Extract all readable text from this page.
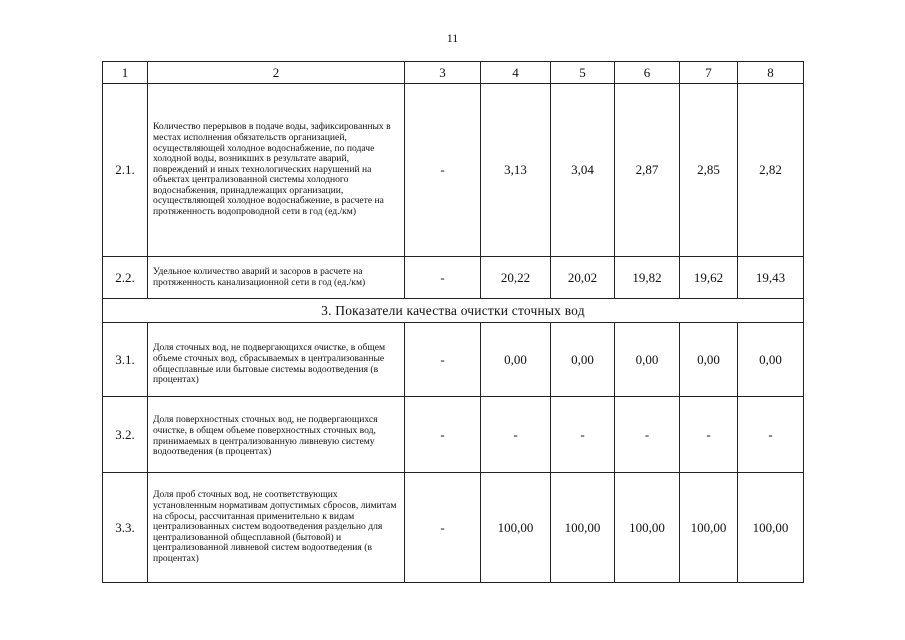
11
1	2	3	4	5	6	7	8
2.1.	Количество перерывов в подаче воды, зафиксированных в местах исполнения обязательств организацией, осуществляющей холодное водоснабжение, по подаче холодной воды, возникших в результате аварий, повреждений и иных технологических нарушений на объектах централизованной системы холодного водоснабжения, принадлежащих организации, осуществляющей холодное водоснабжение, в расчете на протяженность водопроводной сети в год (ед./км)	-	3,13	3,04	2,87	2,85	2,82
2.2.	Удельное количество аварий и засоров в расчете на протяженность канализационной сети в год (ед./км)	-	20,22	20,02	19,82	19,62	19,43
3. Показатели качества очистки сточных вод							
3.1.	Доля сточных вод, не подвергающихся очистке, в общем объеме сточных вод, сбрасываемых в централизованные общесплавные или бытовые системы водоотведения (в процентах)	-	0,00	0,00	0,00	0,00	0,00
3.2.	Доля поверхностных сточных вод, не подвергающихся очистке, в общем объеме поверхностных сточных вод, принимаемых в централизованную ливневую систему водоотведения (в процентах)	-	-	-	-	-	-
3.3.	Доля проб сточных вод, не соответствующих установленным нормативам допустимых сбросов, лимитам на сбросы, рассчитанная применительно к видам централизованных систем водоотведения раздельно для централизованной общесплавной (бытовой) и централизованной ливневой систем водоотведения (в процентах)	-	100,00	100,00	100,00	100,00	100,00
